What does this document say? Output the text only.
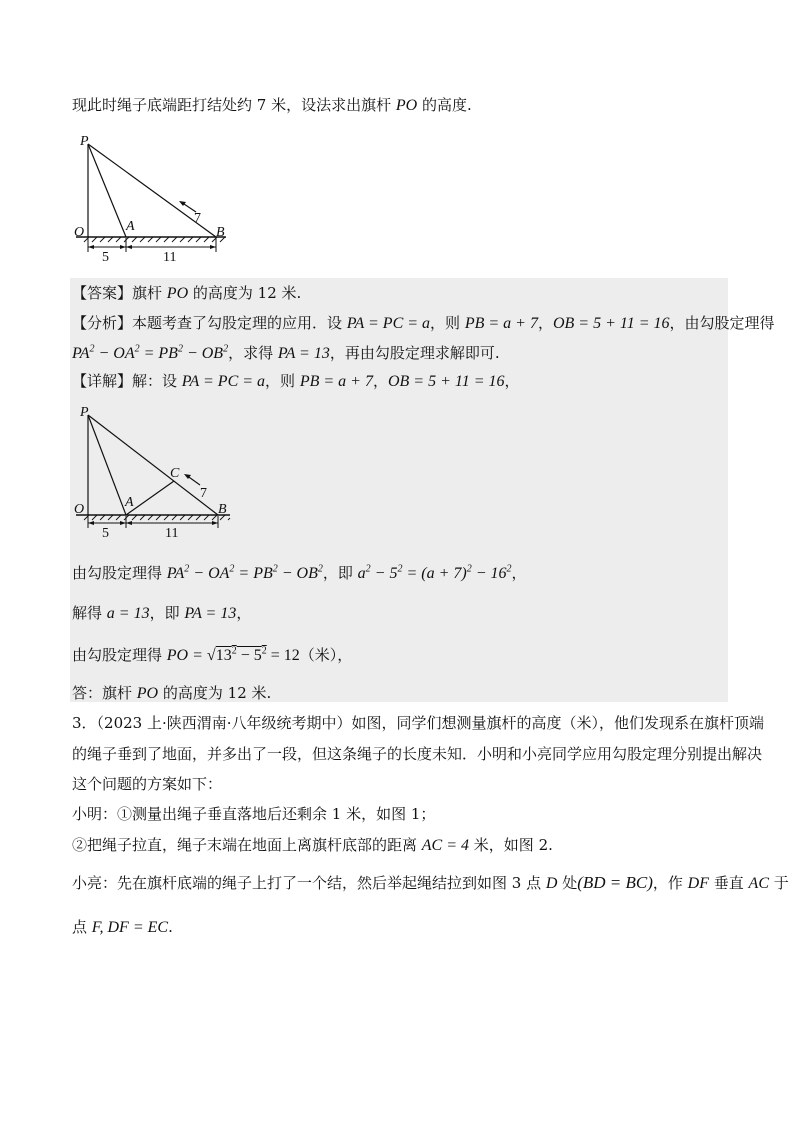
现此时绳子底端距打结处约 7 米，设法求出旗杆 PO 的高度.
P
O	A	B
7
5	11
【答案】旗杆 PO 的高度为 12 米.
【分析】本题考查了勾股定理的应用．设 PA = PC = a，则 PB = a + 7，OB = 5 + 11 = 16，由勾股定理得
$PA^2 - OA^2 = PB^2 - OB^2$，求得 PA = 13，再由勾股定理求解即可.
【详解】解：设 PA = PC = a，则 PB = a + 7，OB = 5 + 11 = 16，
P
O	A	B
C
7
5	11
由勾股定理得 $PA^2 - OA^2 = PB^2 - OB^2$，即 $a^2 - 5^2 = (a + 7)^2 - 16^2$，
解得 a = 13，即 PA = 13，
由勾股定理得 PO = $√13^2 - 5^2 = 12$（米），
答：旗杆 PO 的高度为 12 米.
3．（2023 上·陕西渭南·八年级统考期中）如图，同学们想测量旗杆的高度（米），他们发现系在旗杆顶端
的绳子垂到了地面，并多出了一段，但这条绳子的长度未知．小明和小亮同学应用勾股定理分别提出解决
这个问题的方案如下：
小明：①测量出绳子垂直落地后还剩余 1 米，如图 1；
②把绳子拉直，绳子末端在地面上离旗杆底部的距离 AC = 4 米，如图 2.
小亮：先在旗杆底端的绳子上打了一个结，然后举起绳结拉到如图 3 点 D 处(BD = BC)，作 DF 垂直 AC 于
点 F, DF = EC.
